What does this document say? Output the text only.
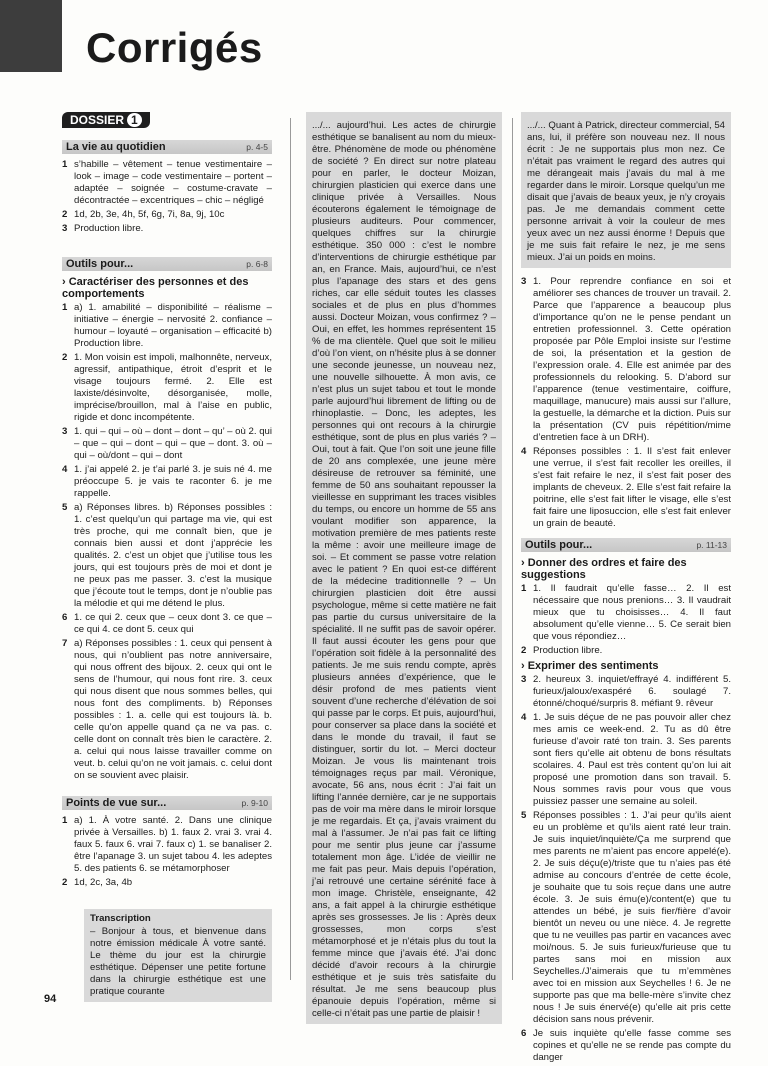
Corrigés
DOSSIER 1
La vie au quotidien	p. 4-5
1 s’habille – vêtement – tenue vestimentaire – look – image – code vestimentaire – portent – adaptée – soignée – costume-cravate – décontractée – excentriques – chic – négligé
2 1d, 2b, 3e, 4h, 5f, 6g, 7i, 8a, 9j, 10c
3 Production libre.
Outils pour...	p. 6-8
› Caractériser des personnes et des comportements
1 a) 1. amabilité – disponibilité – réalisme – initiative – énergie – nervosité 2. confiance – humour – loyauté – organisation – efficacité b) Production libre.
2 1. Mon voisin est impoli, malhonnête, nerveux, agressif, antipathique, étroit d’esprit et le visage toujours fermé. 2. Elle est laxiste/désinvolte, désorganisée, molle, imprécise/brouillon, mal à l’aise en public, rigide et donc incompétente.
3 1. qui – qui – où – dont – dont – qu’ – où 2. qui – que – qui – dont – qui – que – dont. 3. où – qui – où/dont – qui – dont
4 1. j’ai appelé 2. je t’ai parlé 3. je suis né 4. me préoccupe 5. je vais te raconter 6. je me rappelle.
5 a) Réponses libres. b) Réponses possibles : 1. c’est quelqu’un qui partage ma vie, qui est très proche, qui me connaît bien, que je connais bien aussi et dont j’apprécie les qualités. 2. c’est un objet que j’utilise tous les jours, qui est toujours près de moi et dont je ne peux pas me passer. 3. c’est la musique que j’écoute tout le temps, dont je n’oublie pas la mélodie et qui me détend le plus.
6 1. ce qui 2. ceux que – ceux dont 3. ce que – ce qui 4. ce dont 5. ceux qui
7 a) Réponses possibles : 1. ceux qui pensent à nous, qui n’oublient pas notre anniversaire, qui nous offrent des bijoux. 2. ceux qui ont le sens de l’humour, qui nous font rire. 3. ceux qui nous disent que nous sommes belles, qui nous font des compliments. b) Réponses possibles : 1. a. celle qui est toujours là. b. celle qu’on appelle quand ça ne va pas. c. celle dont on connaît très bien le caractère. 2. a. celui qui nous laisse travailler comme on veut. b. celui qu’on ne voit jamais. c. celui dont on se souvient avec plaisir.
Points de vue sur...	p. 9-10
1 a) 1. À votre santé. 2. Dans une clinique privée à Versailles. b) 1. faux 2. vrai 3. vrai 4. faux 5. faux 6. vrai 7. faux c) 1. se banaliser 2. être l’apanage 3. un sujet tabou 4. les adeptes 5. des patients 6. se métamorphoser
2 1d, 2c, 3a, 4b
Transcription
– Bonjour à tous, et bienvenue dans notre émission médicale À votre santé. Le thème du jour est la chirurgie esthétique. Dépenser une petite fortune dans la chirurgie esthétique est une pratique courante
.../... aujourd’hui. Les actes de chirurgie esthétique se banalisent au nom du mieux-être. Phénomène de mode ou phénomène de société ? En direct sur notre plateau pour en parler, le docteur Moizan, chirurgien plasticien qui exerce dans une clinique privée à Versailles. Nous écouterons également le témoignage de plusieurs auditeurs. Pour commencer, quelques chiffres sur la chirurgie esthétique. 350 000 : c’est le nombre d’interventions de chirurgie esthétique par an, en France. Mais, aujourd’hui, ce n’est plus l’apanage des stars et des gens riches, car elle séduit toutes les classes sociales et de plus en plus d’hommes aussi. Docteur Moizan, vous confirmez ? – Oui, en effet, les hommes représentent 15 % de ma clientèle. Quel que soit le milieu d’où l’on vient, on n’hésite plus à se donner une seconde jeunesse, un nouveau nez, une nouvelle silhouette. À mon avis, ce n’est plus un sujet tabou et tout le monde parle aujourd’hui librement de lifting ou de rhinoplastie. – Donc, les adeptes, les personnes qui ont recours à la chirurgie esthétique, sont de plus en plus variés ? – Oui, tout à fait. Que l’on soit une jeune fille de 20 ans complexée, une jeune mère désireuse de retrouver sa féminité, une femme de 50 ans souhaitant repousser la vieillesse en supprimant les traces visibles du temps, ou encore un homme de 55 ans voulant modifier son apparence, la motivation première de mes patients reste la même : avoir une meilleure image de soi. – Et comment se passe votre relation avec le patient ? En quoi est-ce différent de la médecine traditionnelle ? – Un chirurgien plasticien doit être aussi psychologue, même si cette matière ne fait pas partie du cursus universitaire de la spécialité. Il ne suffit pas de savoir opérer. Il faut aussi écouter les gens pour que l’opération soit fidèle à la personnalité des patients. Je me suis rendu compte, après plusieurs années d’expérience, que le désir profond de mes patients vient souvent d’une recherche d’élévation de soi qui passe par le corps. Et puis, aujourd’hui, pour conserver sa place dans la société et dans le monde du travail, il faut se distinguer, sortir du lot. – Merci docteur Moizan. Je vous lis maintenant trois témoignages reçus par mail. Véronique, avocate, 56 ans, nous écrit : J’ai fait un lifting l’année dernière, car je ne supportais pas de voir ma mère dans le miroir lorsque je me regardais. Et ça, j’avais vraiment du mal à l’assumer. Je n’ai pas fait ce lifting pour me sentir plus jeune car j’assume totalement mon âge. L’idée de vieillir ne me fait pas peur. Mais depuis l’opération, j’ai retrouvé une certaine sérénité face à mon image. Christèle, enseignante, 42 ans, a fait appel à la chirurgie esthétique après ses grossesses. Je lis : Après deux grossesses, mon corps s’est métamorphosé et je n’étais plus du tout la femme mince que j’avais été. J’ai donc décidé d’avoir recours à la chirurgie esthétique et je suis très satisfaite du résultat. Je me sens beaucoup plus épanouie depuis l’opération, même si celle-ci n’était pas une partie de plaisir !
.../... Quant à Patrick, directeur commercial, 54 ans, lui, il préfère son nouveau nez. Il nous écrit : Je ne supportais plus mon nez. Ce n’était pas vraiment le regard des autres qui me dérangeait mais j’avais du mal à me regarder dans le miroir. Lorsque quelqu’un me disait que j’avais de beaux yeux, je n’y croyais pas. Je me demandais comment cette personne arrivait à voir la couleur de mes yeux avec un nez aussi énorme ! Depuis que je me suis fait refaire le nez, je me sens mieux. J’ai un poids en moins.
3 1. Pour reprendre confiance en soi et améliorer ses chances de trouver un travail. 2. Parce que l’apparence a beaucoup plus d’importance qu’on ne le pense pendant un entretien professionnel. 3. Cette opération proposée par Pôle Emploi insiste sur l’estime de soi, la présentation et la gestion de l’expression orale. 4. Elle est animée par des professionnels du relooking. 5. D’abord sur l’apparence (tenue vestimentaire, coiffure, maquillage, manucure) mais aussi sur l’allure, la gestuelle, la démarche et la diction. Puis sur la présentation (CV puis répétition/mime d’entretien face à un DRH).
4 Réponses possibles : 1. Il s’est fait enlever une verrue, il s’est fait recoller les oreilles, il s’est fait refaire le nez, il s’est fait poser des implants de cheveux. 2. Elle s’est fait refaire la poitrine, elle s’est fait lifter le visage, elle s’est fait faire une liposuccion, elle s’est fait enlever un grain de beauté.
Outils pour...	p. 11-13
› Donner des ordres et faire des suggestions
1 1. Il faudrait qu’elle fasse… 2. Il est nécessaire que nous prenions… 3. Il vaudrait mieux que tu choisisses… 4. Il faut absolument qu’elle vienne… 5. Ce serait bien que vous répondiez…
2 Production libre.
› Exprimer des sentiments
3 2. heureux 3. inquiet/effrayé 4. indifférent 5. furieux/jaloux/exaspéré 6. soulagé 7. étonné/choqué/surpris 8. méfiant 9. rêveur
4 1. Je suis déçue de ne pas pouvoir aller chez mes amis ce week-end. 2. Tu as dû être furieuse d’avoir raté ton train. 3. Ses parents sont fiers qu’elle ait obtenu de bons résultats scolaires. 4. Paul est très content qu’on lui ait proposé une promotion dans son travail. 5. Nous sommes ravis pour vous que vous puissiez passer une semaine au soleil.
5 Réponses possibles : 1. J’ai peur qu’ils aient eu un problème et qu’ils aient raté leur train. Je suis inquiet/inquiète/Ça me surprend que mes parents ne m’aient pas encore appelé(e). 2. Je suis déçu(e)/triste que tu n’aies pas été admise au concours d’entrée de cette école, je souhaite que tu sois reçue dans une autre école. 3. Je suis ému(e)/content(e) que tu attendes un bébé, je suis fier/fière d’avoir bientôt un neveu ou une nièce. 4. Je regrette que tu ne veuilles pas partir en vacances avec moi/nous. 5. Je suis furieux/furieuse que tu partes sans moi en mission aux Seychelles./J’aimerais que tu m’emmènes avec toi en mission aux Seychelles ! 6. Je ne supporte pas que ma belle-mère s’invite chez nous ! Je suis énervé(e) qu’elle ait pris cette décision sans nous prévenir.
6 Je suis inquiète qu’elle fasse comme ses copines et qu’elle ne se rende pas compte du danger
94
